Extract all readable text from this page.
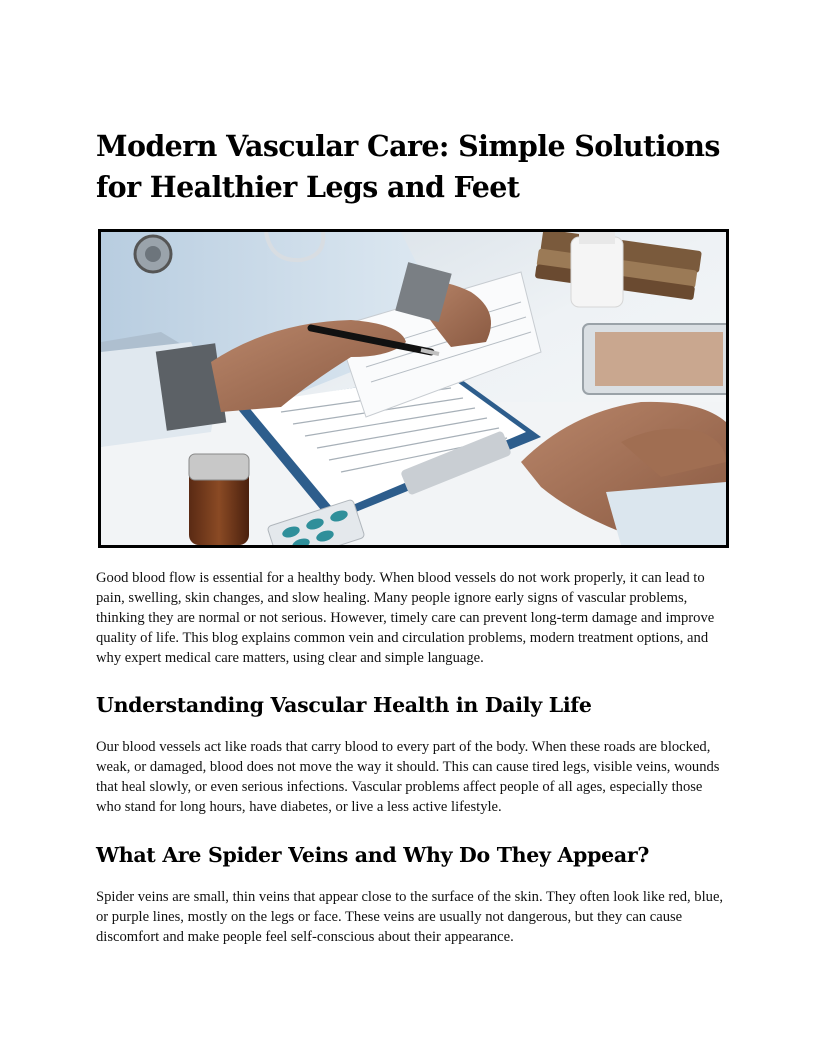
Modern Vascular Care: Simple Solutions for Healthier Legs and Feet

Good blood flow is essential for a healthy body. When blood vessels do not work properly, it can lead to pain, swelling, skin changes, and slow healing. Many people ignore early signs of vascular problems, thinking they are normal or not serious. However, timely care can prevent long-term damage and improve quality of life. This blog explains common vein and circulation problems, modern treatment options, and why expert medical care matters, using clear and simple language.

Understanding Vascular Health in Daily Life

Our blood vessels act like roads that carry blood to every part of the body. When these roads are blocked, weak, or damaged, blood does not move the way it should. This can cause tired legs, visible veins, wounds that heal slowly, or even serious infections. Vascular problems affect people of all ages, especially those who stand for long hours, have diabetes, or live a less active lifestyle.

What Are Spider Veins and Why Do They Appear?

Spider veins are small, thin veins that appear close to the surface of the skin. They often look like red, blue, or purple lines, mostly on the legs or face. These veins are usually not dangerous, but they can cause discomfort and make people feel self-conscious about their appearance.
